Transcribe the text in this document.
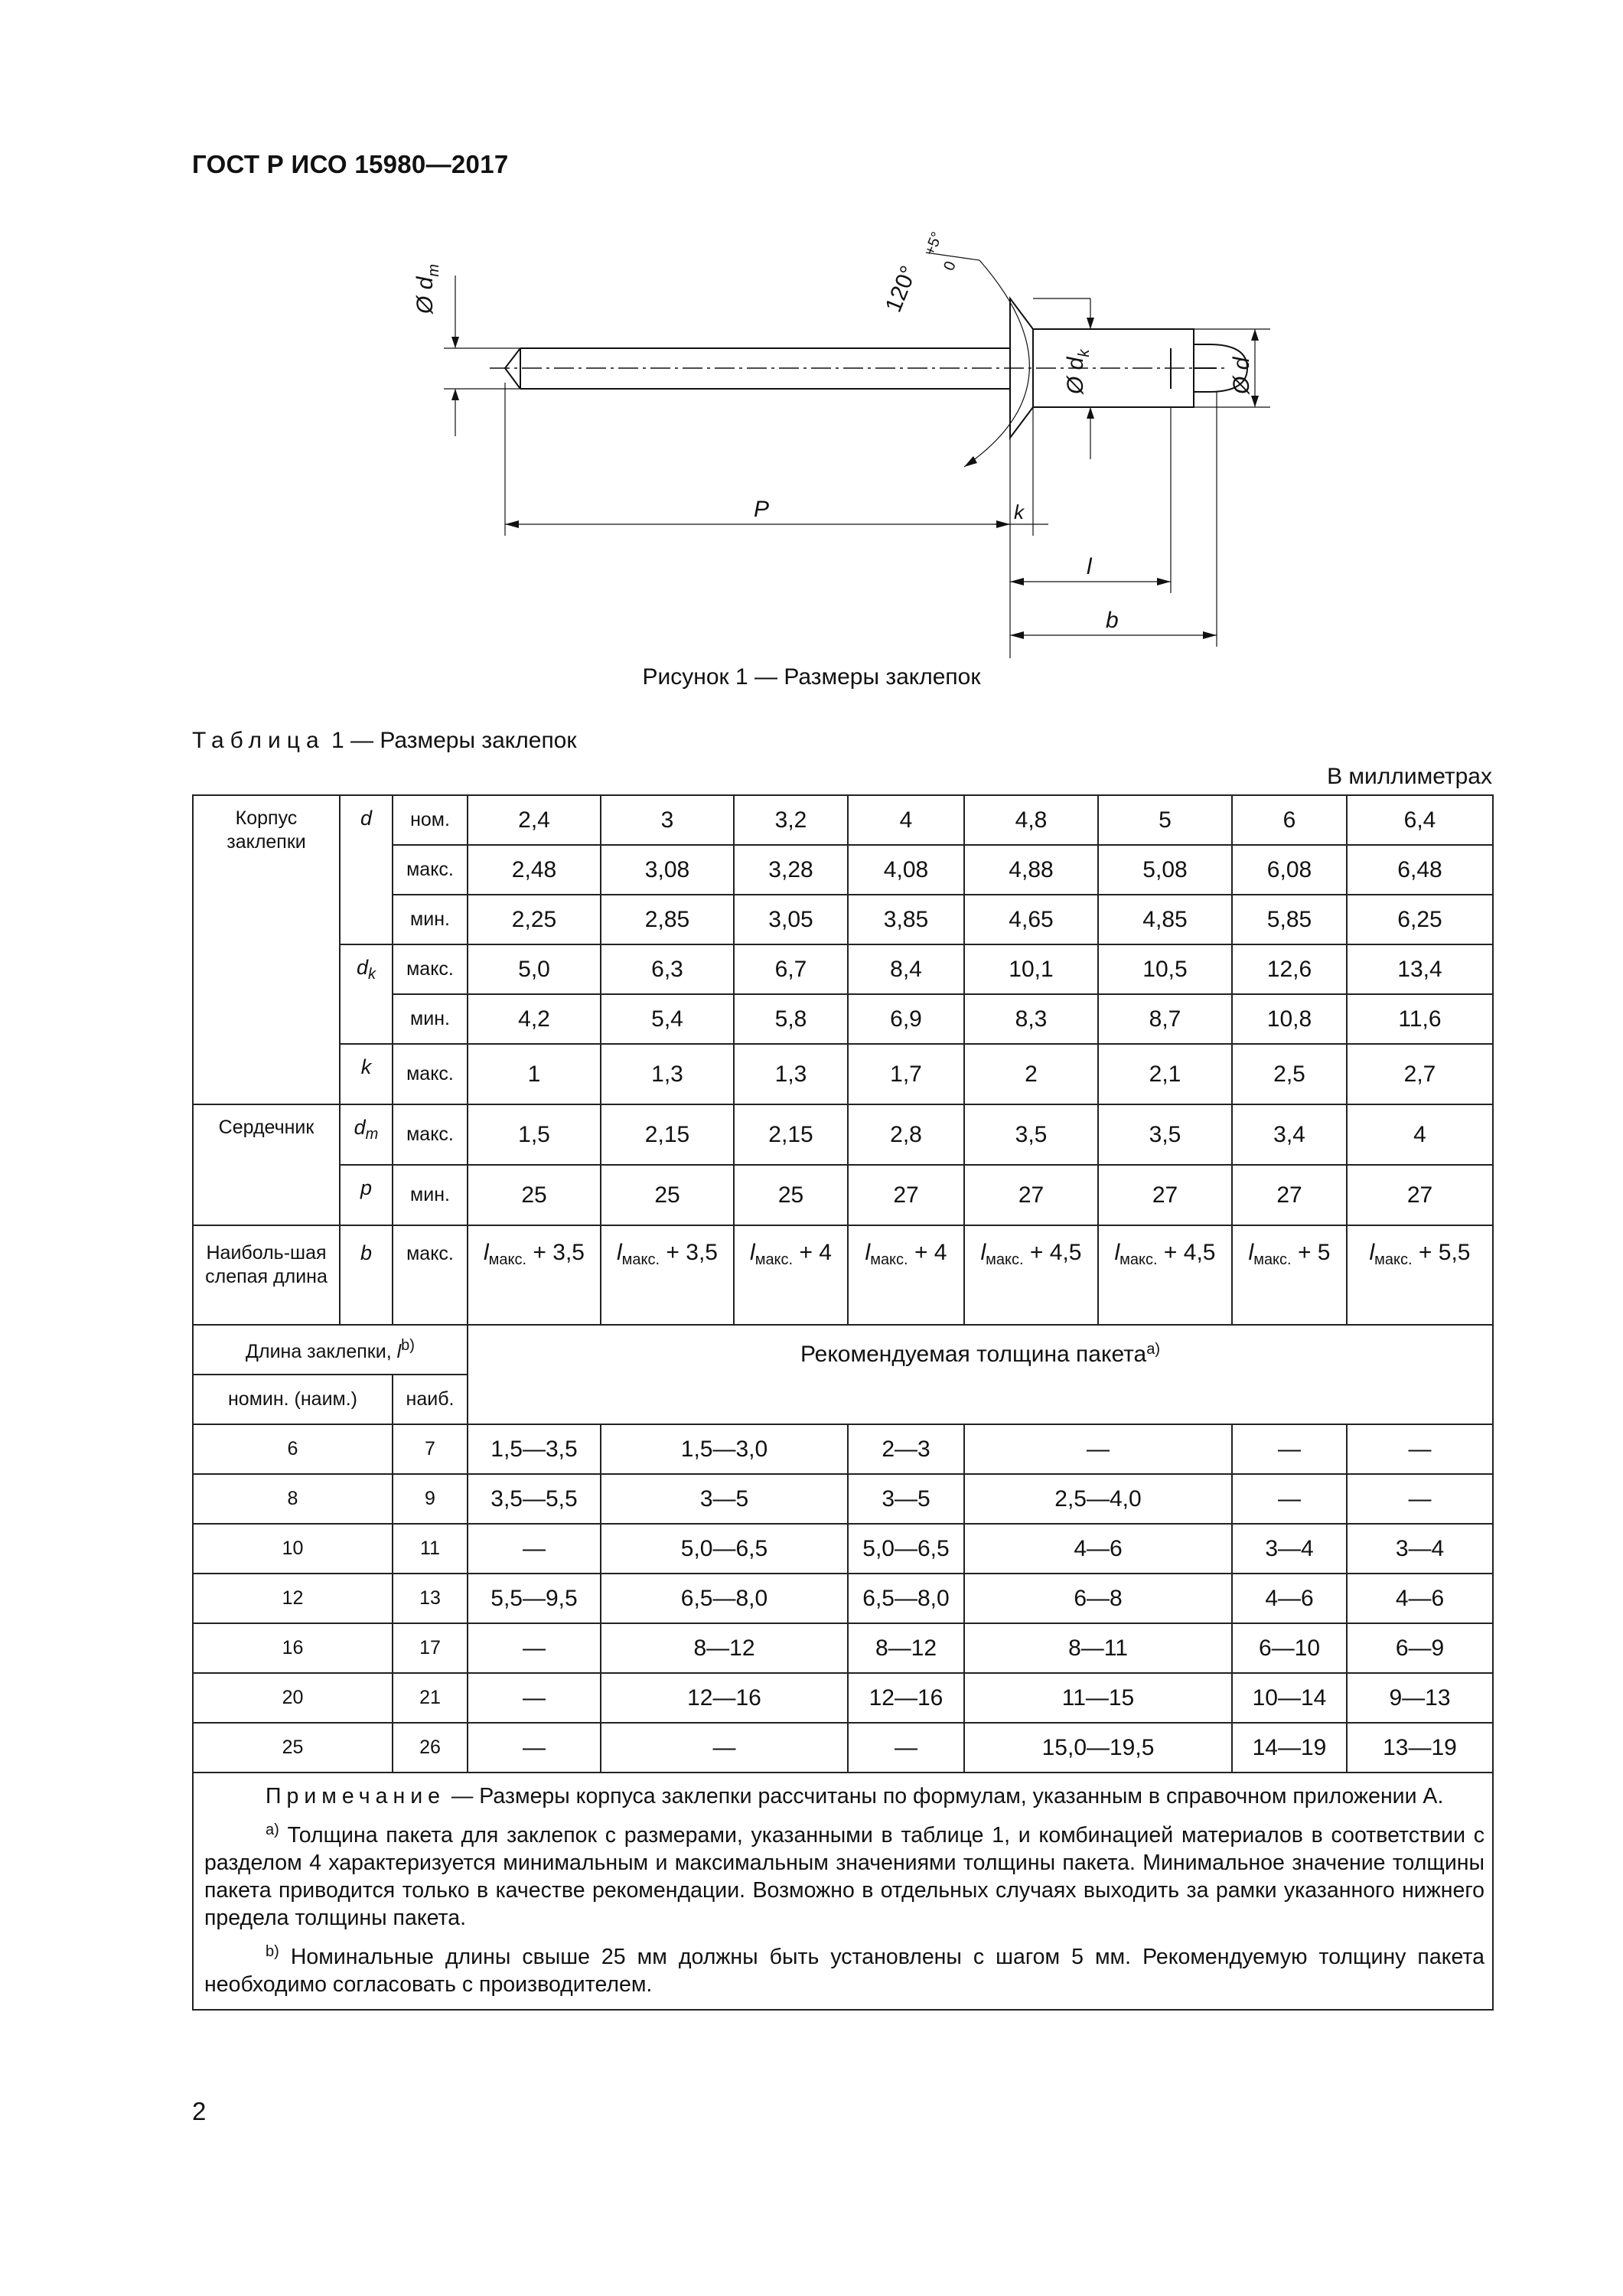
ГОСТ Р ИСО 15980—2017
Ø $d_m$
Ø $d_k$
Ø d
P	k
l
b
120°
+5°
0
Рисунок 1 — Размеры заклепок
Таблица 1 — Размеры заклепок
В миллиметрах
Корпус заклепки	d	ном.	2,4	3	3,2	4	4,8	5	6	6,4
		макс.	2,48	3,08	3,28	4,08	4,88	5,08	6,08	6,48
		мин.	2,25	2,85	3,05	3,85	4,65	4,85	5,85	6,25
	$d_k$	макс.	5,0	6,3	6,7	8,4	10,1	10,5	12,6	13,4
		мин.	4,2	5,4	5,8	6,9	8,3	8,7	10,8	11,6
	k	макс.	1	1,3	1,3	1,7	2	2,1	2,5	2,7
Сердечник	$d_m$	макс.	1,5	2,15	2,15	2,8	3,5	3,5	3,4	4
	p	мин.	25	25	25	27	27	27	27	27
Наиболь-шая слепая длина	b	макс.	$l_{макс.} + 3,5$	$l_{макс.} + 3,5$	$l_{макс.} + 4$	$l_{макс.} + 4$	$l_{макс.} + 4,5$	$l_{макс.} + 4,5$	$l_{макс.} + 5$	$l_{макс.} + 5,5$
Длина заклепки, $l^{b)}$			Рекомендуемая толщина пакета$^{a)}$
номин. (наим.)		наиб.								
6		7	1,5—3,5	1,5—3,0		2—3	—		—	—
8		9	3,5—5,5	3—5		3—5	2,5—4,0		—	—
10		11	—	5,0—6,5		5,0—6,5	4—6		3—4	3—4
12		13	5,5—9,5	6,5—8,0		6,5—8,0	6—8		4—6	4—6
16		17	—	8—12		8—12	8—11		6—10	6—9
20		21	—	12—16		12—16	11—15		10—14	9—13
25		26	—	—		—	15,0—19,5		14—19	13—19

Примечание — Размеры корпуса заклепки рассчитаны по формулам, указанным в справочном приложении А.

$^{a)}$ Толщина пакета для заклепок с размерами, указанными в таблице 1, и комбинацией материалов в соответствии с разделом 4 характеризуется минимальным и максимальным значениями толщины пакета. Минимальное значение толщины пакета приводится только в качестве рекомендации. Возможно в отдельных случаях выходить за рамки указанного нижнего предела толщины пакета.

$^{b)}$ Номинальные длины свыше 25 мм должны быть установлены с шагом 5 мм. Рекомендуемую толщину пакета необходимо согласовать с производителем.										

2
